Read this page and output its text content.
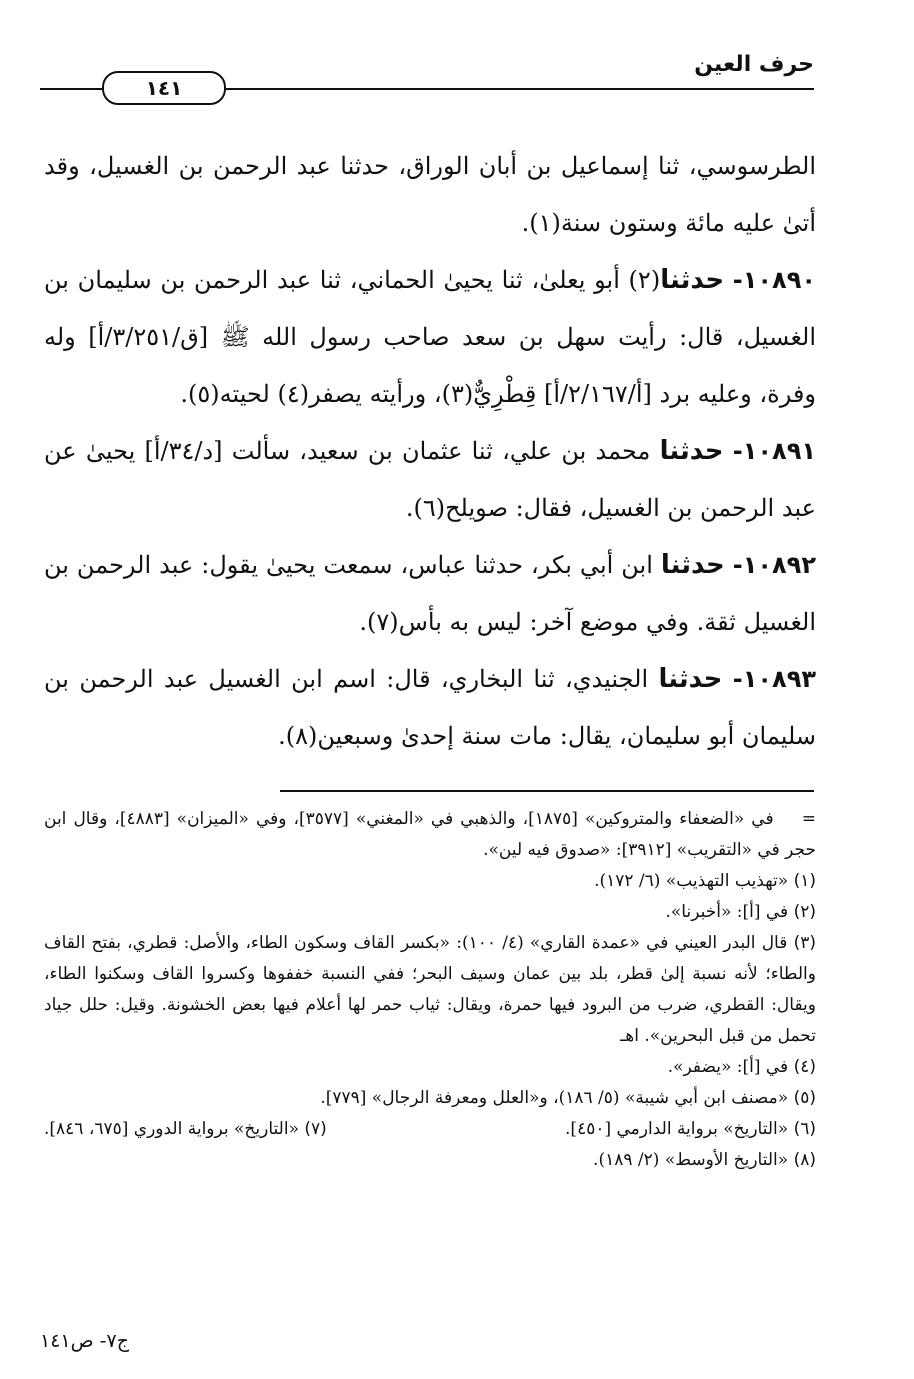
حرف العين
١٤١

الطرسوسي، ثنا إسماعيل بن أبان الوراق، حدثنا عبد الرحمن بن الغسيل، وقد أتىٰ عليه مائة وستون سنة(١).

١٠٨٩٠- حدثنا(٢) أبو يعلىٰ، ثنا يحيىٰ الحماني، ثنا عبد الرحمن بن سليمان بن الغسيل، قال: رأيت سهل بن سعد صاحب رسول الله ﷺ [ق/٣/٢٥١/أ] وله وفرة، وعليه برد [أ/٢/١٦٧/أ] قِطْرِيٌّ(٣)، ورأيته يصفر(٤) لحيته(٥).

١٠٨٩١- حدثنا محمد بن علي، ثنا عثمان بن سعيد، سألت [د/٣٤/أ] يحيىٰ عن عبد الرحمن بن الغسيل، فقال: صويلح(٦).

١٠٨٩٢- حدثنا ابن أبي بكر، حدثنا عباس، سمعت يحيىٰ يقول: عبد الرحمن بن الغسيل ثقة. وفي موضع آخر: ليس به بأس(٧).

١٠٨٩٣- حدثنا الجنيدي، ثنا البخاري، قال: اسم ابن الغسيل عبد الرحمن بن سليمان أبو سليمان، يقال: مات سنة إحدىٰ وسبعين(٨).

=    في «الضعفاء والمتروكين» [١٨٧٥]، والذهبي في «المغني» [٣٥٧٧]، وفي «الميزان» [٤٨٨٣]، وقال ابن حجر في «التقريب» [٣٩١٢]: «صدوق فيه لين».

(١) «تهذيب التهذيب» (٦/ ١٧٢).

(٢) في [أ]: «أخبرنا».

(٣) قال البدر العيني في «عمدة القاري» (٤/ ١٠٠): «بكسر القاف وسكون الطاء، والأصل: قطري، بفتح القاف والطاء؛ لأنه نسبة إلىٰ قطر، بلد بين عمان وسيف البحر؛ ففي النسبة خففوها وكسروا القاف وسكنوا الطاء، ويقال: القطري، ضرب من البرود فيها حمرة، ويقال: ثياب حمر لها أعلام فيها بعض الخشونة. وقيل: حلل جياد تحمل من قبل البحرين». اهـ

(٤) في [أ]: «يضفر».

(٥) «مصنف ابن أبي شيبة» (٥/ ١٨٦)، و«العلل ومعرفة الرجال» [٧٧٩].

(٦) «التاريخ» برواية الدارمي [٤٥٠].
(٧) «التاريخ» برواية الدوري [٦٧٥، ٨٤٦].

(٨) «التاريخ الأوسط» (٢/ ١٨٩).

ج٧- ص١٤١
